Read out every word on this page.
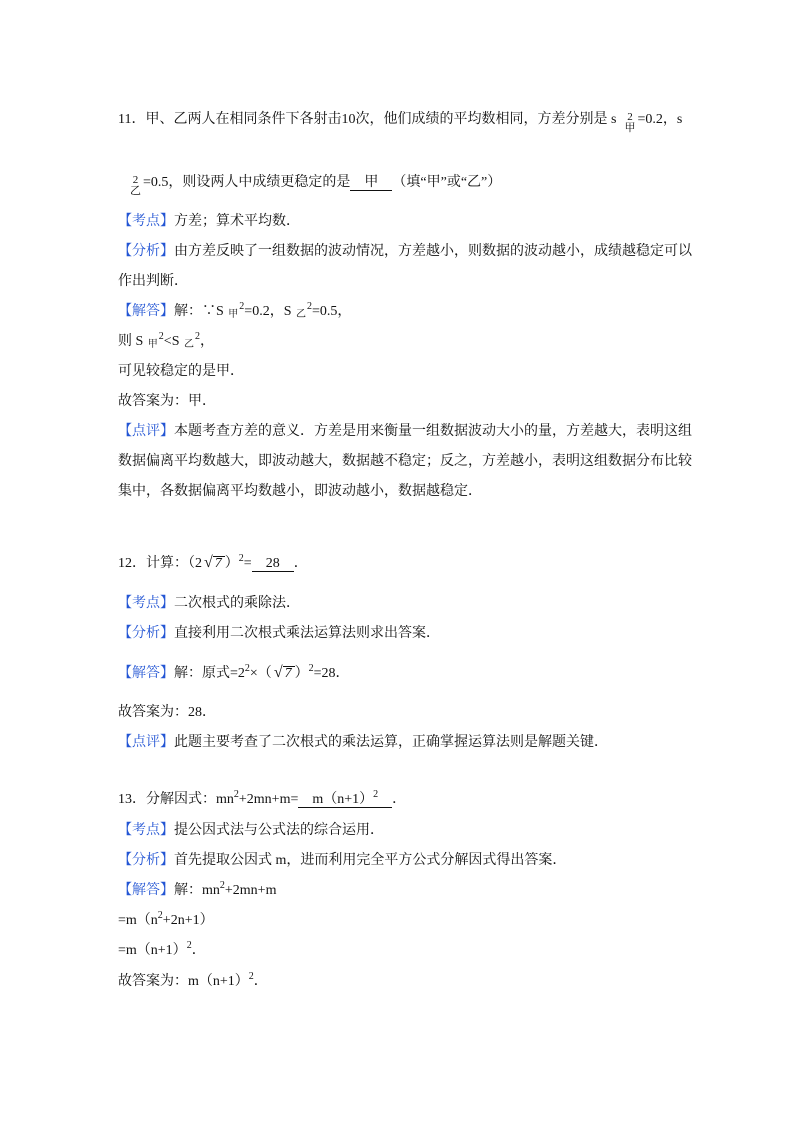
11．甲、乙两人在相同条件下各射击10次，他们成绩的平均数相同，方差分别是 s 2
甲
=0.2，s
2
乙
=0.5，则设两人中成绩更稳定的是 甲 （填“甲”或“乙”）
【考点】方差；算术平均数．
【分析】由方差反映了一组数据的波动情况，方差越小，则数据的波动越小，成绩越稳定可以
作出判断．
【解答】解：∵S $_甲^2$=0.2，S $_乙^2$=0.5，
则 S $_甲^2$<S $_乙^2$，
可见较稳定的是甲．
故答案为：甲．
【点评】本题考查方差的意义．方差是用来衡量一组数据波动大小的量，方差越大，表明这组
数据偏离平均数越大，即波动越大，数据越不稳定；反之，方差越小，表明这组数据分布比较
集中，各数据偏离平均数越小，即波动越小，数据越稳定．
12．计算：（2 √ 7 ）$^2$= 28 ．
【考点】二次根式的乘除法．
【分析】直接利用二次根式乘法运算法则求出答案．
【解答】解：原式$=2^2\times$（ √ 7 ）$^2$=28．
故答案为：28．
【点评】此题主要考查了二次根式的乘法运算，正确掌握运算法则是解题关键．
13．分解因式：$mn^2+2mn+m= m(n+1)^2$ ．
【考点】提公因式法与公式法的综合运用．
【分析】首先提取公因式 m，进而利用完全平方公式分解因式得出答案．
【解答】解：$mn^2+2mn+m$
$=m(n^2+2n+1)$
$=m(n+1)^2$．
故答案为：$m(n+1)^2$．
